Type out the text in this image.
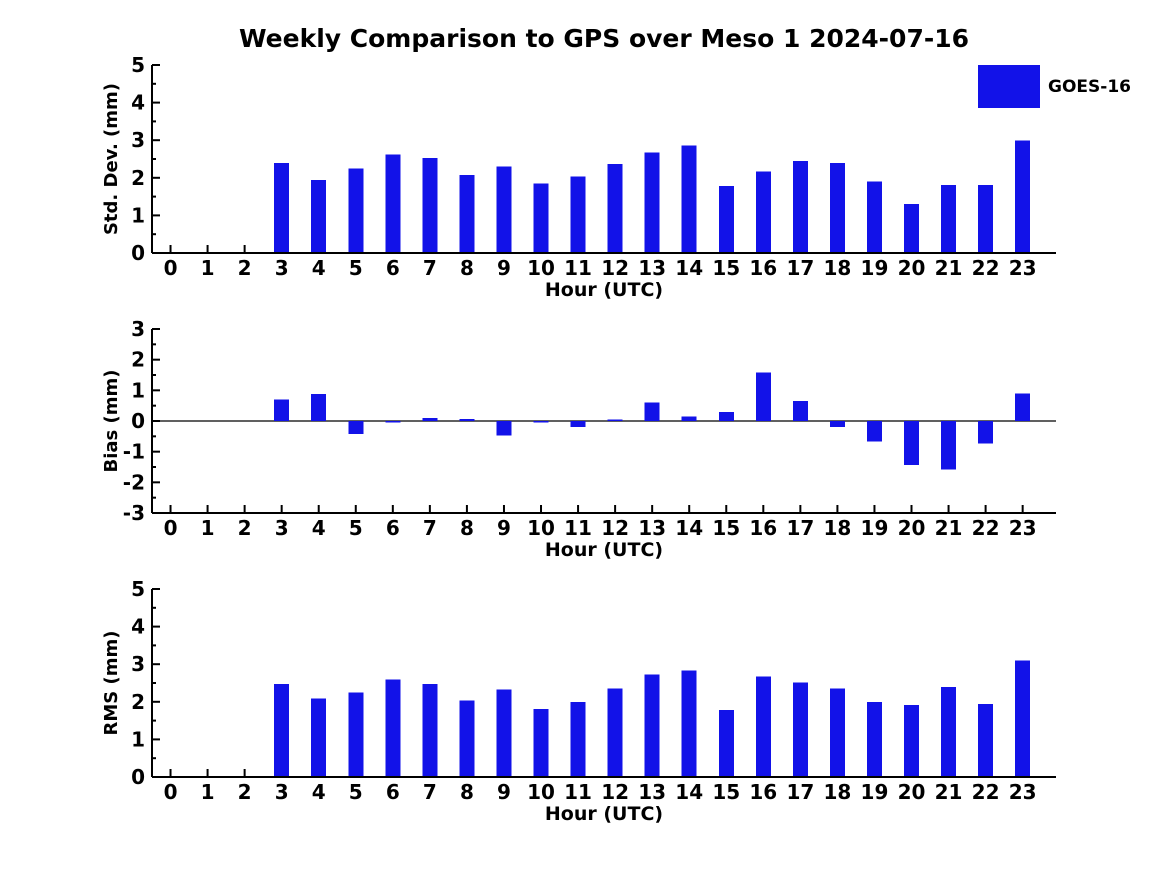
Weekly Comparison to GPS over Meso 1 2024-07-16
GOES-16
0
1
2
3
4
5
0 1 2 3 4 5 6 7 8 9 10 11 12 13 14 15 16 17 18 19 20 21 22 23
Hour (UTC)
Std. Dev. (mm)
-3
-2
-1
0
1
2
3
0 1 2 3 4 5 6 7 8 9 10 11 12 13 14 15 16 17 18 19 20 21 22 23
Hour (UTC)
Bias (mm)
0
1
2
3
4
5
0 1 2 3 4 5 6 7 8 9 10 11 12 13 14 15 16 17 18 19 20 21 22 23
Hour (UTC)
RMS (mm)
